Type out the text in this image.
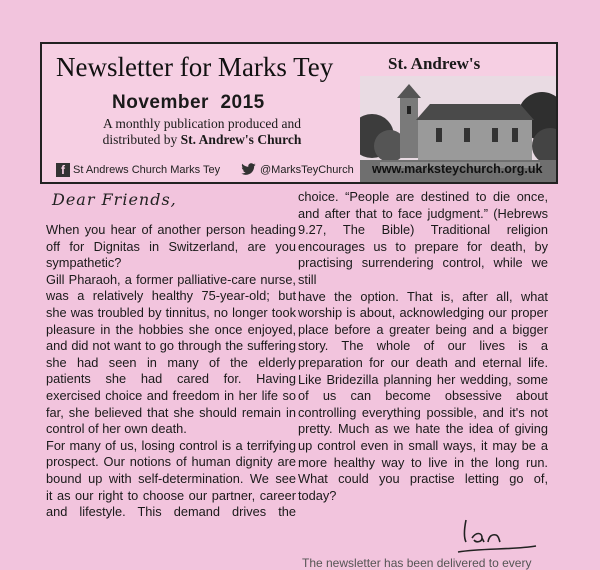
Newsletter for Marks Tey
November  2015
A monthly publication produced and
distributed by St. Andrew's Church
St. Andrew's
f St Andrews Church Marks Tey	@MarksTeyChurch www.marksteychurch.org.uk
Dear Friends,

When you hear of another person heading

off for Dignitas in Switzerland, are you

sympathetic?

Gill Pharaoh, a former palliative-care nurse,

was a relatively healthy 75-year-old; but

she was troubled by tinnitus, no longer took

pleasure in the hobbies she once enjoyed,

and did not want to go through the suffering

she had seen in many of the elderly

patients she had cared for. Having

exercised choice and freedom in her life so

far, she believed that she should remain in

control of her own death.

For many of us, losing control is a terrifying

prospect. Our notions of human dignity are

bound up with self-determination. We see

it as our right to choose our partner, career

and lifestyle. This demand drives the

choice. “People are destined to die once,

and after that to face judgment.” (Hebrews

9.27, The Bible) Traditional religion

encourages us to prepare for death, by

practising surrendering control, while we still

have the option. That is, after all, what

worship is about, acknowledging our proper

place before a greater being and a bigger

story. The whole of our lives is a

preparation for our death and eternal life.

Like Bridezilla planning her wedding, some

of us can become obsessive about

controlling everything possible, and it's not

pretty. Much as we hate the idea of giving

up control even in small ways, it may be a

more healthy way to live in the long run.

What could you practise letting go of, today?

The newsletter has been delivered to every
